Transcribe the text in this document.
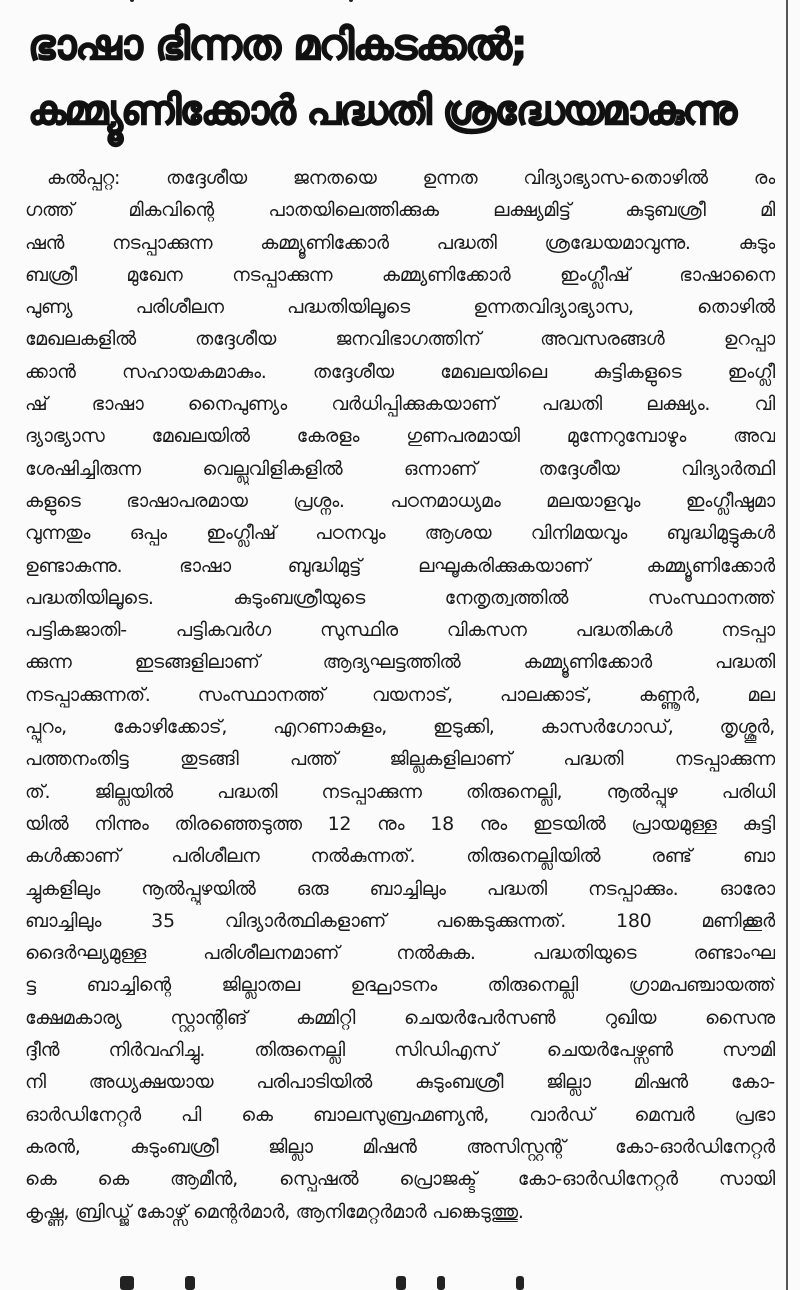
ഭാഷാ ഭിന്നത മറികടക്കൽ;
കമ്മ്യൂണിക്കോർ പദ്ധതി ശ്രദ്ധേയമാകുന്നു
കൽപ്പറ്റ: തദ്ദേശീയ ജനതയെ ഉന്നത വിദ്യാഭ്യാസ-തൊഴിൽ രം
ഗത്ത് മികവിന്റെ പാതയിലെത്തിക്കുക ലക്ഷ്യമിട്ട് കുടുബശ്രീ മി
ഷൻ നടപ്പാക്കുന്ന കമ്മ്യൂണിക്കോർ പദ്ധതി ശ്രദ്ധേയമാവുന്നു. കുടും
ബശ്രീ മുഖേന നടപ്പാക്കുന്ന കമ്മ്യണിക്കോർ ഇംഗ്ലീഷ് ഭാഷാനൈ
പുണ്യ പരിശീലന പദ്ധതിയിലൂടെ ഉന്നതവിദ്യാഭ്യാസ, തൊഴിൽ
മേഖലകളിൽ തദ്ദേശീയ ജനവിഭാഗത്തിന് അവസരങ്ങൾ ഉറപ്പാ
ക്കാൻ സഹായകമാകും. തദ്ദേശീയ മേഖലയിലെ കുട്ടികളുടെ ഇംഗ്ലീ
ഷ് ഭാഷാ നൈപുണ്യം വർധിപ്പിക്കുകയാണ് പദ്ധതി ലക്ഷ്യം. വി
ദ്യാഭ്യാസ മേഖലയിൽ കേരളം ഗുണപരമായി മുന്നേറുമ്പോഴും അവ
ശേഷിച്ചിരുന്ന വെല്ലുവിളികളിൽ ഒന്നാണ് തദ്ദേശീയ വിദ്യാർത്ഥി
കളുടെ ഭാഷാപരമായ പ്രശ്നം. പഠനമാധ്യമം മലയാളവും ഇംഗ്ലീഷുമാ
വുന്നതും ഒപ്പം ഇംഗ്ലീഷ് പഠനവും ആശയ വിനിമയവും ബുദ്ധിമുട്ടുകൾ
ഉണ്ടാകുന്നു. ഭാഷാ ബുദ്ധിമുട്ട് ലഘൂകരിക്കുകയാണ് കമ്മ്യൂണിക്കോർ
പദ്ധതിയിലൂടെ. കുടുംബശ്രീയുടെ നേതൃത്വത്തിൽ സംസ്ഥാനത്ത്
പട്ടികജാതി- പട്ടികവർഗ സുസ്ഥിര വികസന പദ്ധതികൾ നടപ്പാ
ക്കുന്ന ഇടങ്ങളിലാണ് ആദ്യഘട്ടത്തിൽ കമ്മ്യൂണിക്കോർ പദ്ധതി
നടപ്പാക്കുന്നത്. സംസ്ഥാനത്ത് വയനാട്, പാലക്കാട്, കണ്ണൂർ, മല
പ്പുറം, കോഴിക്കോട്, എറണാകുളം, ഇടുക്കി, കാസർഗോഡ്, തൃശ്ശൂർ,
പത്തനംതിട്ട തുടങ്ങി പത്ത് ജില്ലകളിലാണ് പദ്ധതി നടപ്പാക്കുന്ന
ത്. ജില്ലയിൽ പദ്ധതി നടപ്പാക്കുന്ന തിരുനെല്ലി, നൂൽപ്പുഴ പരിധി
യിൽ നിന്നും തിരഞ്ഞെടുത്ത 12 നും 18 നും ഇടയിൽ പ്രായമുള്ള കുട്ടി
കൾക്കാണ് പരിശീലന നൽകുന്നത്. തിരുനെല്ലിയിൽ രണ്ട് ബാ
ച്ചുകളിലും നൂൽപ്പുഴയിൽ ഒരു ബാച്ചിലും പദ്ധതി നടപ്പാക്കും. ഓരോ
ബാച്ചിലും 35 വിദ്യാർത്ഥികളാണ് പങ്കെടുക്കുന്നത്. 180 മണിക്കൂർ
ദൈർഘ്യമുള്ള പരിശീലനമാണ് നൽകുക. പദ്ധതിയുടെ രണ്ടാംഘ
ട്ട ബാച്ചിന്റെ ജില്ലാതല ഉദ്ഘാടനം തിരുനെല്ലി ഗ്രാമപഞ്ചായത്ത്
ക്ഷേമകാര്യ സ്റ്റാന്റിങ് കമ്മിറ്റി ചെയർപേർസൺ റുഖിയ സൈനു
ദ്ദീൻ നിർവഹിച്ചു. തിരുനെല്ലി സിഡിഎസ് ചെയർപേഴ്സൺ സൗമി
നി അധ്യക്ഷയായ പരിപാടിയിൽ കുടുംബശ്രീ ജില്ലാ മിഷൻ കോ-
ഓർഡിനേറ്റർ പി കെ ബാലസുബ്രഹ്മണ്യൻ, വാർഡ് മെമ്പർ പ്രഭാ
കരൻ, കുടുംബശ്രീ ജില്ലാ മിഷൻ അസിസ്റ്റന്റ് കോ-ഓർഡിനേറ്റർ
കെ കെ ആമീൻ, സ്പെഷൽ പ്രൊജക്ട് കോ-ഓർഡിനേറ്റർ സായി
കൃഷ്ണ, ബ്രിഡ്ജ് കോഴ്സ് മെന്റർമാർ, ആനിമേറ്റർമാർ പങ്കെടുത്തു.
